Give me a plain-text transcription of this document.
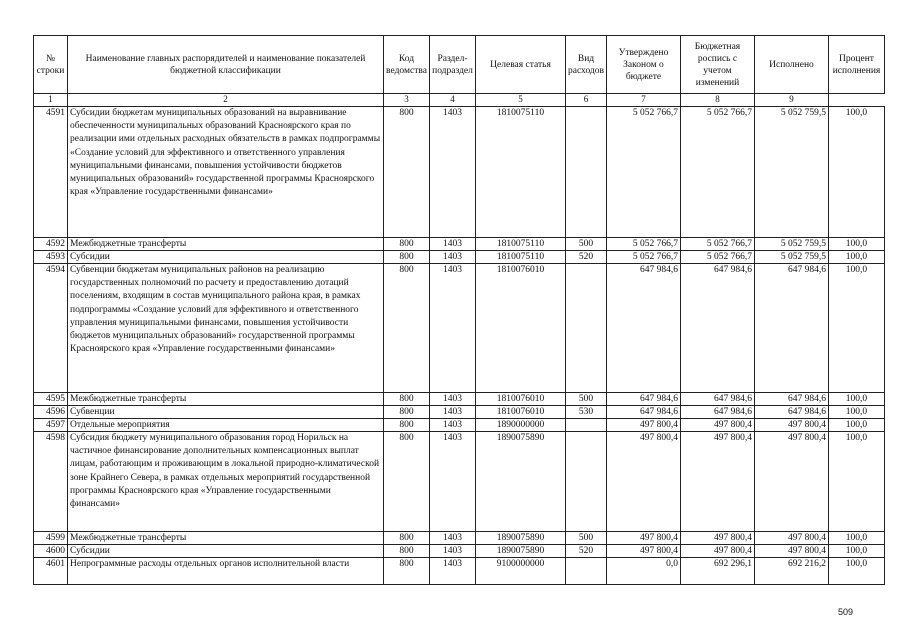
№ строки	Наименование главных распорядителей и наименование показателей бюджетной классификации	Код ведомства	Раздел-подраздел	Целевая статья	Вид расходов	Утверждено Законом о бюджете	Бюджетная роспись с учетом изменений	Исполнено	Процент исполнения
1	2	3	4	5	6	7	8	9	
4591	Субсидии бюджетам муниципальных образований на выравнивание обеспеченности муниципальных образований Красноярского края по реализации ими отдельных расходных обязательств в рамках подпрограммы «Создание условий для эффективного и ответственного управления муниципальными финансами, повышения устойчивости бюджетов муниципальных образований» государственной программы Красноярского края «Управление государственными финансами»	800	1403	1810075110		5 052 766,7	5 052 766,7	5 052 759,5	100,0
4592	Межбюджетные трансферты	800	1403	1810075110	500	5 052 766,7	5 052 766,7	5 052 759,5	100,0
4593	Субсидии	800	1403	1810075110	520	5 052 766,7	5 052 766,7	5 052 759,5	100,0
4594	Субвенции бюджетам муниципальных районов на реализацию государственных полномочий по расчету и предоставлению дотаций поселениям, входящим в состав муниципального района края, в рамках подпрограммы «Создание условий для эффективного и ответственного управления муниципальными финансами, повышения устойчивости бюджетов муниципальных образований» государственной программы Красноярского края «Управление государственными финансами»	800	1403	1810076010		647 984,6	647 984,6	647 984,6	100,0
4595	Межбюджетные трансферты	800	1403	1810076010	500	647 984,6	647 984,6	647 984,6	100,0
4596	Субвенции	800	1403	1810076010	530	647 984,6	647 984,6	647 984,6	100,0
4597	Отдельные мероприятия	800	1403	1890000000		497 800,4	497 800,4	497 800,4	100,0
4598	Субсидия бюджету муниципального образования город Норильск на частичное финансирование дополнительных компенсационных выплат лицам, работающим и проживающим в локальной природно-климатической зоне Крайнего Севера, в рамках отдельных мероприятий государственной программы Красноярского края «Управление государственными финансами»	800	1403	1890075890		497 800,4	497 800,4	497 800,4	100,0
4599	Межбюджетные трансферты	800	1403	1890075890	500	497 800,4	497 800,4	497 800,4	100,0
4600	Субсидии	800	1403	1890075890	520	497 800,4	497 800,4	497 800,4	100,0
4601	Непрограммные расходы отдельных органов исполнительной власти	800	1403	9100000000		0,0	692 296,1	692 216,2	100,0
509
